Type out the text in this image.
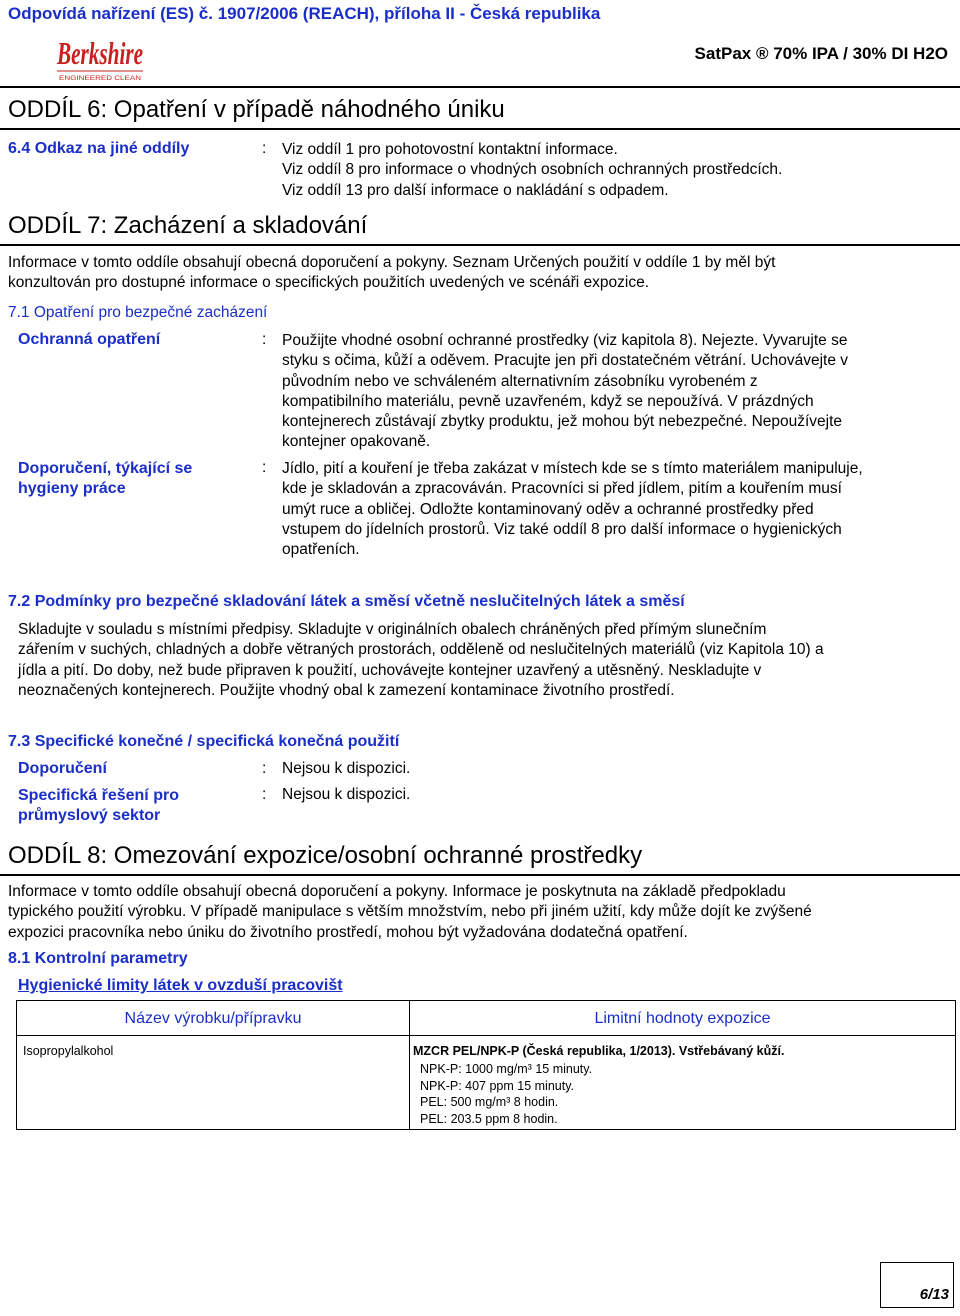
Odpovídá nařízení (ES) č. 1907/2006 (REACH), příloha II - Česká republika
Berkshire
ENGINEERED CLEAN
SatPax ® 70% IPA / 30% DI H2O
ODDÍL 6: Opatření v případě náhodného úniku
6.4 Odkaz na jiné oddíly	: Viz oddíl 1 pro pohotovostní kontaktní informace.
Viz oddíl 8 pro informace o vhodných osobních ochranných prostředcích.
Viz oddíl 13 pro další informace o nakládání s odpadem.
ODDÍL 7: Zacházení a skladování
Informace v tomto oddíle obsahují obecná doporučení a pokyny. Seznam Určených použití v oddíle 1 by měl být
konzultován pro dostupné informace o specifických použitích uvedených ve scénáři expozice.
7.1 Opatření pro bezpečné zacházení
Ochranná opatření	: Použijte vhodné osobní ochranné prostředky (viz kapitola 8). Nejezte. Vyvarujte se
styku s očima, kůží a oděvem. Pracujte jen při dostatečném větrání. Uchovávejte v
původním nebo ve schváleném alternativním zásobníku vyrobeném z
kompatibilního materiálu, pevně uzavřeném, když se nepoužívá. V prázdných
kontejnerech zůstávají zbytky produktu, jež mohou být nebezpečné. Nepoužívejte
kontejner opakovaně.
Doporučení, týkající se
hygieny práce
: Jídlo, pití a kouření je třeba zakázat v místech kde se s tímto materiálem manipuluje,
kde je skladován a zpracováván. Pracovníci si před jídlem, pitím a kouřením musí
umýt ruce a obličej. Odložte kontaminovaný oděv a ochranné prostředky před
vstupem do jídelních prostorů. Viz také oddíl 8 pro další informace o hygienických
opatřeních.
7.2 Podmínky pro bezpečné skladování látek a směsí včetně neslučitelných látek a směsí
Skladujte v souladu s místními předpisy. Skladujte v originálních obalech chráněných před přímým slunečním
zářením v suchých, chladných a dobře větraných prostorách, odděleně od neslučitelných materiálů (viz Kapitola 10) a
jídla a pití. Do doby, než bude připraven k použití, uchovávejte kontejner uzavřený a utěsněný. Neskladujte v
neoznačených kontejnerech. Použijte vhodný obal k zamezení kontaminace životního prostředí.
7.3 Specifické konečné / specifická konečná použití
Doporučení	: Nejsou k dispozici.
Specifická řešení pro
průmyslový sektor
: Nejsou k dispozici.
ODDÍL 8: Omezování expozice/osobní ochranné prostředky
Informace v tomto oddíle obsahují obecná doporučení a pokyny. Informace je poskytnuta na základě předpokladu
typického použití výrobku. V případě manipulace s větším množstvím, nebo při jiném užití, kdy může dojít ke zvýšené
expozici pracovníka nebo úniku do životního prostředí, mohou být vyžadována dodatečná opatření.
8.1 Kontrolní parametry
Hygienické limity látek v ovzduší pracovišt
Název výrobku/přípravku	Limitní hodnoty expozice
Isopropylalkohol	MZCR PEL/NPK-P (Česká republika, 1/2013). Vstřebávaný kůží.
NPK-P: 1000 mg/m³ 15 minuty.
NPK-P: 407 ppm 15 minuty.
PEL: 500 mg/m³ 8 hodin.
PEL: 203.5 ppm 8 hodin.
6/13
